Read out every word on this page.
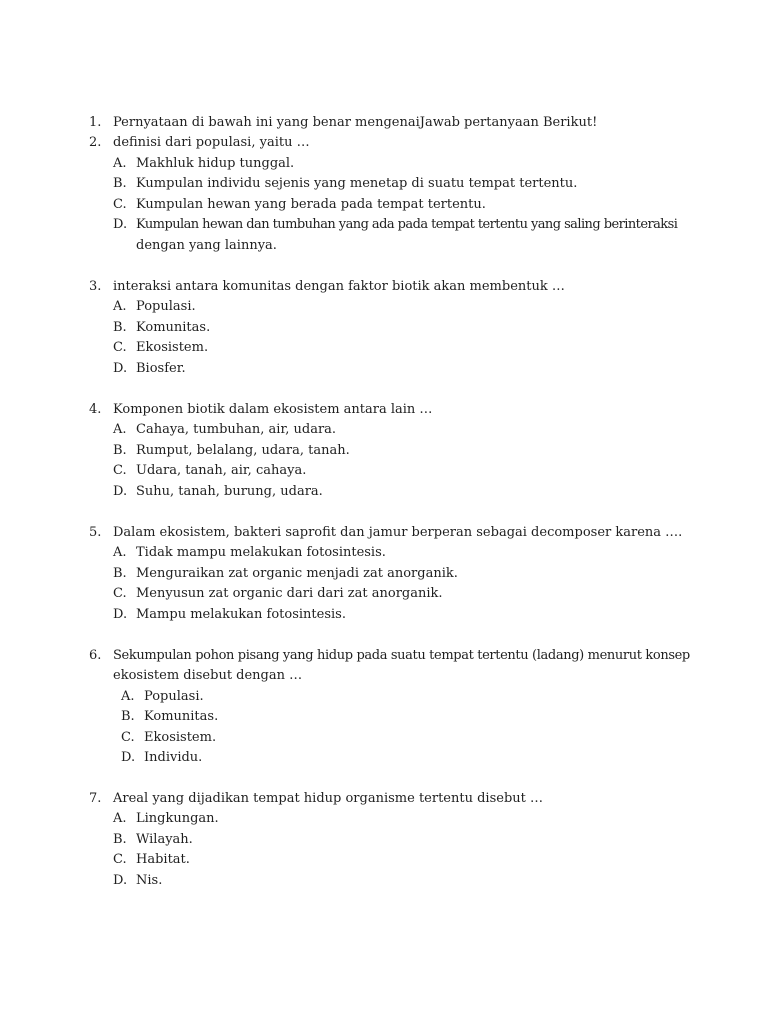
1. Pernyataan di bawah ini yang benar mengenaiJawab pertanyaan Berikut!
2. definisi dari populasi, yaitu …
A. Makhluk hidup tunggal.
B. Kumpulan individu sejenis yang menetap di suatu tempat tertentu.
C. Kumpulan hewan yang berada pada tempat tertentu.
D. Kumpulan hewan dan tumbuhan yang ada pada tempat tertentu yang saling berinteraksi
dengan yang lainnya.
3. interaksi antara komunitas dengan faktor biotik akan membentuk …
A. Populasi.
B. Komunitas.
C. Ekosistem.
D. Biosfer.
4. Komponen biotik dalam ekosistem antara lain …
A. Cahaya, tumbuhan, air, udara.
B. Rumput, belalang, udara, tanah.
C. Udara, tanah, air, cahaya.
D. Suhu, tanah, burung, udara.
5. Dalam ekosistem, bakteri saprofit dan jamur berperan sebagai decomposer karena ….
A. Tidak mampu melakukan fotosintesis.
B. Menguraikan zat organic menjadi zat anorganik.
C. Menyusun zat organic dari dari zat anorganik.
D. Mampu melakukan fotosintesis.
6. Sekumpulan pohon pisang yang hidup pada suatu tempat tertentu (ladang) menurut konsep
ekosistem disebut dengan …
A. Populasi.
B. Komunitas.
C. Ekosistem.
D. Individu.
7. Areal yang dijadikan tempat hidup organisme tertentu disebut …
A. Lingkungan.
B. Wilayah.
C. Habitat.
D. Nis.
